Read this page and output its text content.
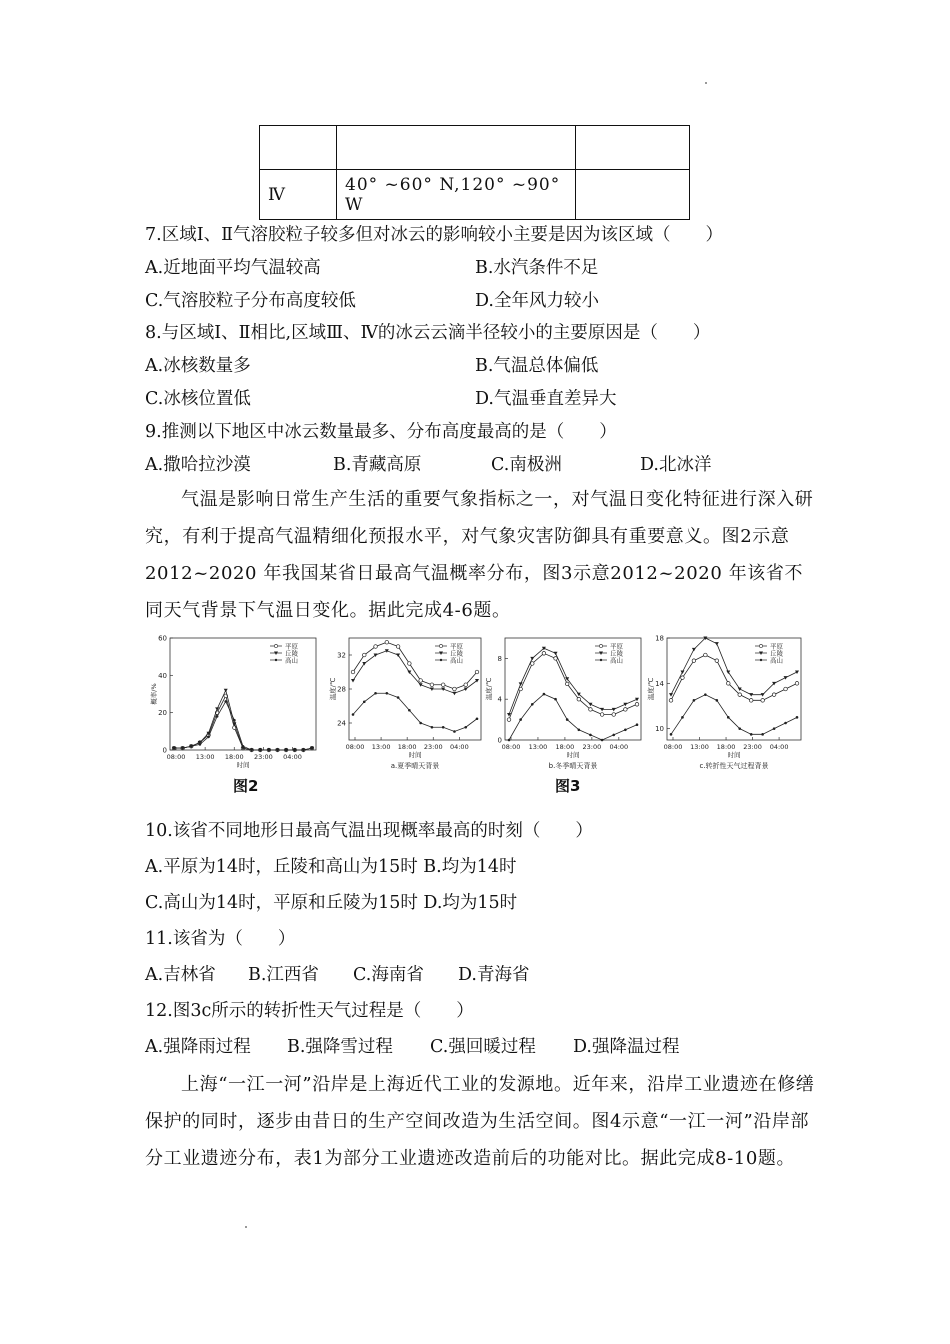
Ⅳ	40° ~60° N,120° ~90° W	
7.区域Ⅰ、Ⅱ气溶胶粒子较多但对冰云的影响较小主要是因为该区域（　　）
A.近地面平均气温较高	B.水汽条件不足
C.气溶胶粒子分布高度较低	D.全年风力较小
8.与区域Ⅰ、Ⅱ相比,区域Ⅲ、Ⅳ的冰云云滴半径较小的主要原因是（　　）
A.冰核数量多	B.气温总体偏低
C.冰核位置低	D.气温垂直差异大
9.推测以下地区中冰云数量最多、分布高度最高的是（　　）
A.撒哈拉沙漠	B.青藏高原	C.南极洲	D.北冰洋
气温是影响日常生产生活的重要气象指标之一，对气温日变化特征进行深入研究，有利于提高气温精细化预报水平，对气象灾害防御具有重要意义。图2示意2012~2020 年我国某省日最高气温概率分布，图3示意2012~2020 年该省不同天气背景下气温日变化。据此完成4-6题。
0
20
40
60
08:00 13:00 18:00 23:00 04:00
时间
概率/%
平原
丘陵
高山
图2
24
28
32
08:00 13:00 18:00 23:00 04:00
时间
温度/℃
a.夏季晴天背景
平原
丘陵
高山
0
4
8
08:00 13:00 18:00 23:00 04:00
时间
温度/℃
b.冬季晴天背景
平原
丘陵
高山
10
14
18
08:00 13:00 18:00 23:00 04:00
时间
温度/℃
c.转折性天气过程背景
平原
丘陵
高山
图3
10.该省不同地形日最高气温出现概率最高的时刻（　　）
A.平原为14时，丘陵和高山为15时 B.均为14时
C.高山为14时，平原和丘陵为15时 D.均为15时
11.该省为（　　）
A.吉林省 B.江西省 C.海南省 D.青海省
12.图3c所示的转折性天气过程是（　　）
A.强降雨过程 B.强降雪过程 C.强回暖过程 D.强降温过程
上海“一江一河”沿岸是上海近代工业的发源地。近年来，沿岸工业遗迹在修缮保护的同时，逐步由昔日的生产空间改造为生活空间。图4示意“一江一河”沿岸部分工业遗迹分布，表1为部分工业遗迹改造前后的功能对比。据此完成8-10题。
